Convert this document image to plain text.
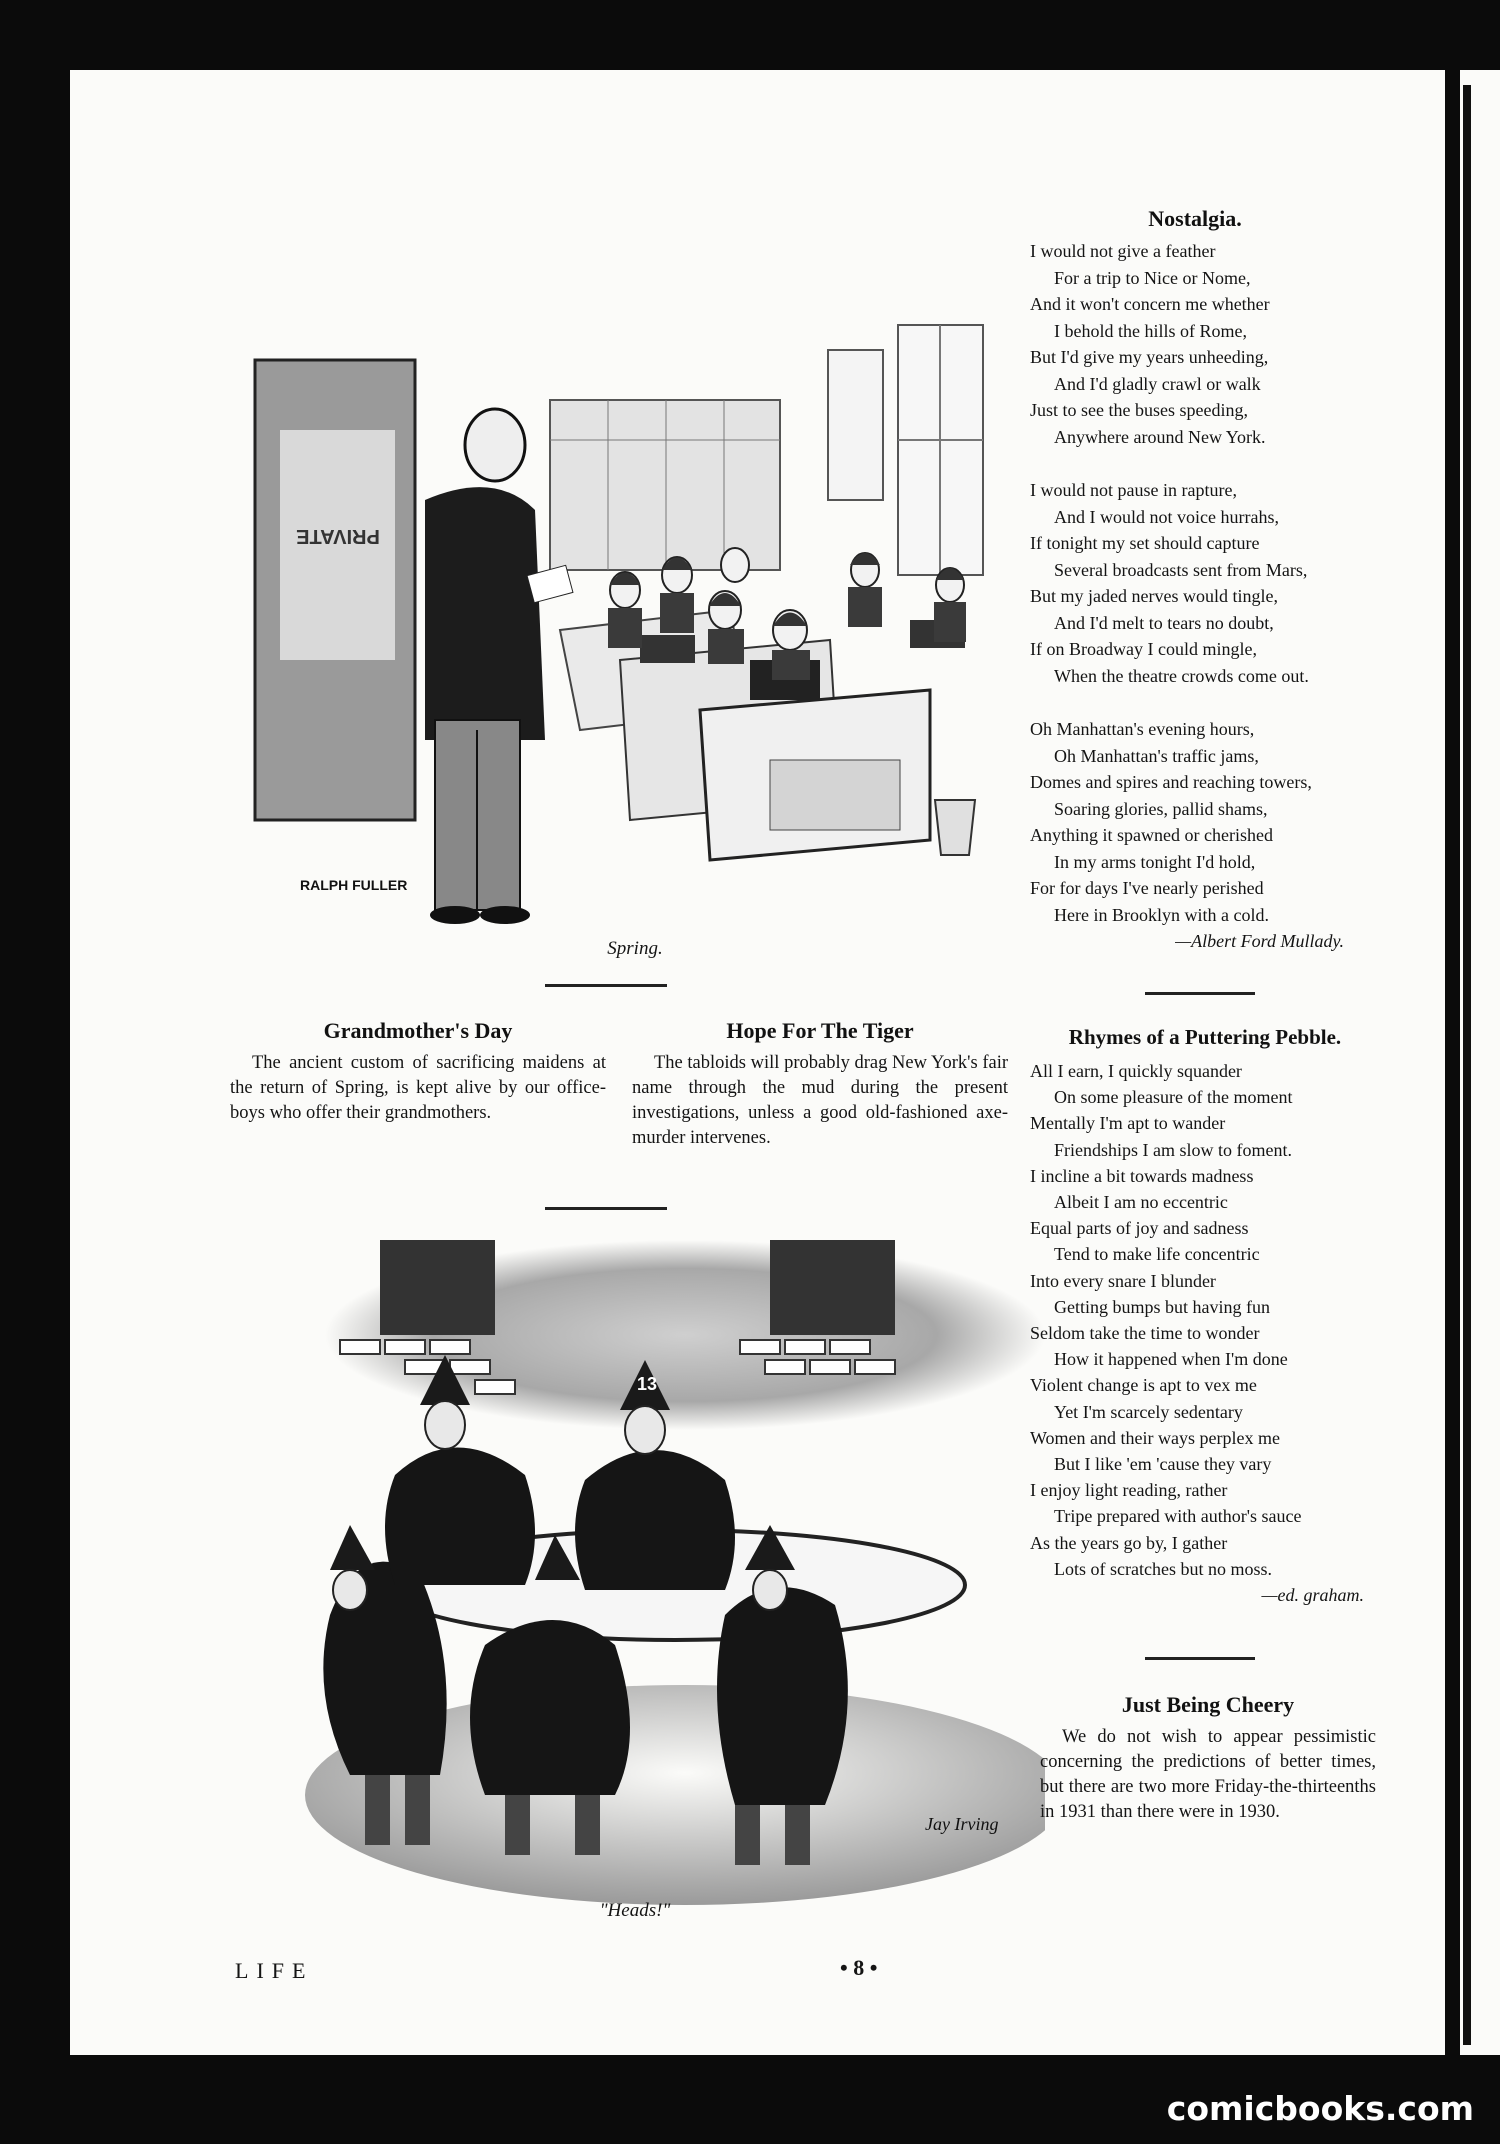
PRIVATE
RALPH FULLER
Spring.
Grandmother's Day

The ancient custom of sacrificing maidens at the return of Spring, is kept alive by our office-boys who offer their grandmothers.

Hope For The Tiger

The tabloids will probably drag New York's fair name through the mud during the present investigations, unless a good old-fashioned axe-murder intervenes.

13
Jay Irving
"Heads!"
Nostalgia.
I would not give a feather
For a trip to Nice or Nome,
And it won't concern me whether
I behold the hills of Rome,
But I'd give my years unheeding,
And I'd gladly crawl or walk
Just to see the buses speeding,
Anywhere around New York.
I would not pause in rapture,
And I would not voice hurrahs,
If tonight my set should capture
Several broadcasts sent from Mars,
But my jaded nerves would tingle,
And I'd melt to tears no doubt,
If on Broadway I could mingle,
When the theatre crowds come out.
Oh Manhattan's evening hours,
Oh Manhattan's traffic jams,
Domes and spires and reaching towers,
Soaring glories, pallid shams,
Anything it spawned or cherished
In my arms tonight I'd hold,
For for days I've nearly perished
Here in Brooklyn with a cold.
—Albert Ford Mullady.
Rhymes of a Puttering Pebble.
All I earn, I quickly squander
On some pleasure of the moment
Mentally I'm apt to wander
Friendships I am slow to foment.
I incline a bit towards madness
Albeit I am no eccentric
Equal parts of joy and sadness
Tend to make life concentric
Into every snare I blunder
Getting bumps but having fun
Seldom take the time to wonder
How it happened when I'm done
Violent change is apt to vex me
Yet I'm scarcely sedentary
Women and their ways perplex me
But I like 'em 'cause they vary
I enjoy light reading, rather
Tripe prepared with author's sauce
As the years go by, I gather
Lots of scratches but no moss.
—ed. graham.
Just Being Cheery

We do not wish to appear pessimistic concerning the predictions of better times, but there are two more Friday-the-thirteenths in 1931 than there were in 1930.

LIFE	• 8 •
comicbooks.com
